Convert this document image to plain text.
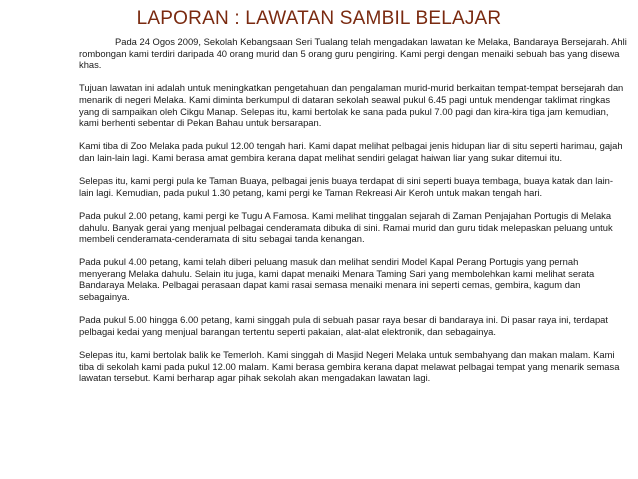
LAPORAN : LAWATAN SAMBIL BELAJAR

Pada 24 Ogos 2009, Sekolah Kebangsaan Seri Tualang telah mengadakan lawatan ke Melaka, Bandaraya Bersejarah. Ahli rombongan kami terdiri daripada 40 orang murid dan 5 orang guru pengiring. Kami pergi dengan menaiki sebuah bas yang disewa khas.

Tujuan lawatan ini adalah untuk meningkatkan pengetahuan dan pengalaman murid-murid berkaitan tempat-tempat bersejarah dan menarik di negeri Melaka. Kami diminta berkumpul di dataran sekolah seawal pukul 6.45 pagi untuk mendengar taklimat ringkas yang di sampaikan oleh Cikgu Manap. Selepas itu, kami bertolak ke sana pada pukul 7.00 pagi dan kira-kira tiga jam kemudian, kami berhenti sebentar di Pekan Bahau untuk bersarapan.

Kami tiba di Zoo Melaka pada pukul 12.00 tengah hari. Kami dapat melihat pelbagai jenis hidupan liar di situ seperti harimau, gajah dan lain-lain lagi. Kami berasa amat gembira kerana dapat melihat sendiri gelagat haiwan liar yang sukar ditemui itu.

Selepas itu, kami pergi pula ke Taman Buaya, pelbagai jenis buaya terdapat di sini seperti buaya tembaga, buaya katak dan lain-lain lagi. Kemudian, pada pukul 1.30 petang, kami pergi ke Taman Rekreasi Air Keroh untuk makan tengah hari.

Pada pukul 2.00 petang, kami pergi ke Tugu A Famosa. Kami melihat tinggalan sejarah di Zaman Penjajahan Portugis di Melaka dahulu. Banyak gerai yang menjual pelbagai cenderamata dibuka di sini. Ramai murid dan guru tidak melepaskan peluang untuk membeli cenderamata-cenderamata di situ sebagai tanda kenangan.

Pada pukul 4.00 petang, kami telah diberi peluang masuk dan melihat sendiri Model Kapal Perang Portugis yang pernah menyerang Melaka dahulu. Selain itu juga, kami dapat menaiki Menara Taming Sari yang membolehkan kami melihat serata Bandaraya Melaka. Pelbagai perasaan dapat kami rasai semasa menaiki menara ini seperti cemas, gembira, kagum dan sebagainya.

Pada pukul 5.00 hingga 6.00 petang, kami singgah pula di sebuah pasar raya besar di bandaraya ini. Di pasar raya ini, terdapat pelbagai kedai yang menjual barangan tertentu seperti pakaian, alat-alat elektronik, dan sebagainya.

Selepas itu, kami bertolak balik ke Temerloh. Kami singgah di Masjid Negeri Melaka untuk sembahyang dan makan malam. Kami tiba di sekolah kami pada pukul 12.00 malam. Kami berasa gembira kerana dapat melawat pelbagai tempat yang menarik semasa lawatan tersebut. Kami berharap agar pihak sekolah akan mengadakan lawatan lagi.
